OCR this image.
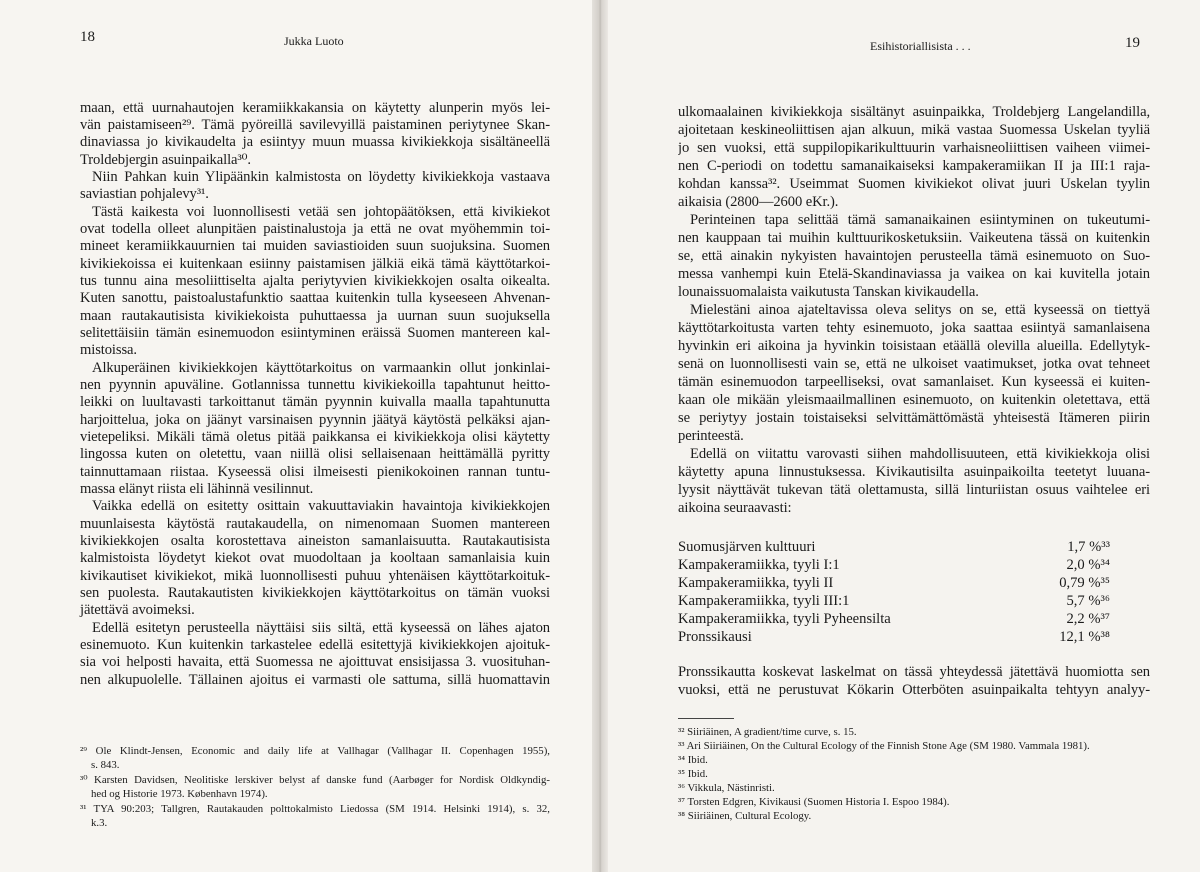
18	Jukka Luoto
maan, että uurnahautojen keramiikkakansia on käytetty alunperin myös lei-
vän paistamiseen²⁹. Tämä pyöreillä savilevyillä paistaminen periytynee Skan-
dinaviassa jo kivikaudelta ja esiintyy muun muassa kivikiekkoja sisältäneellä
Troldebjergin asuinpaikalla³⁰.
Niin Pahkan kuin Ylipäänkin kalmistosta on löydetty kivikiekkoja vastaava
saviastian pohjalevy³¹.
Tästä kaikesta voi luonnollisesti vetää sen johtopäätöksen, että kivikiekot
ovat todella olleet alunpitäen paistinalustoja ja että ne ovat myöhemmin toi-
mineet keramiikkauurnien tai muiden saviastioiden suun suojuksina. Suomen
kivikiekoissa ei kuitenkaan esiinny paistamisen jälkiä eikä tämä käyttötarkoi-
tus tunnu aina mesoliittiselta ajalta periytyvien kivikiekkojen osalta oikealta.
Kuten sanottu, paistoalustafunktio saattaa kuitenkin tulla kyseeseen Ahvenan-
maan rautakautisista kivikiekoista puhuttaessa ja uurnan suun suojuksella
selitettäisiin tämän esinemuodon esiintyminen eräissä Suomen mantereen kal-
mistoissa.
Alkuperäinen kivikiekkojen käyttötarkoitus on varmaankin ollut jonkinlai-
nen pyynnin apuväline. Gotlannissa tunnettu kivikiekoilla tapahtunut heitto-
leikki on luultavasti tarkoittanut tämän pyynnin kuivalla maalla tapahtunutta
harjoittelua, joka on jäänyt varsinaisen pyynnin jäätyä käytöstä pelkäksi ajan-
vietepeliksi. Mikäli tämä oletus pitää paikkansa ei kivikiekkoja olisi käytetty
lingossa kuten on oletettu, vaan niillä olisi sellaisenaan heittämällä pyritty
tainnuttamaan riistaa. Kyseessä olisi ilmeisesti pienikokoinen rannan tuntu-
massa elänyt riista eli lähinnä vesilinnut.
Vaikka edellä on esitetty osittain vakuuttaviakin havaintoja kivikiekkojen
muunlaisesta käytöstä rautakaudella, on nimenomaan Suomen mantereen
kivikiekkojen osalta korostettava aineiston samanlaisuutta. Rautakautisista
kalmistoista löydetyt kiekot ovat muodoltaan ja kooltaan samanlaisia kuin
kivikautiset kivikiekot, mikä luonnollisesti puhuu yhtenäisen käyttötarkoituk-
sen puolesta. Rautakautisten kivikiekkojen käyttötarkoitus on tämän vuoksi
jätettävä avoimeksi.
Edellä esitetyn perusteella näyttäisi siis siltä, että kyseessä on lähes ajaton
esinemuoto. Kun kuitenkin tarkastelee edellä esitettyjä kivikiekkojen ajoituk-
sia voi helposti havaita, että Suomessa ne ajoittuvat ensisijassa 3. vuosituhan-
nen alkupuolelle. Tällainen ajoitus ei varmasti ole sattuma, sillä huomattavin
²⁹ Ole Klindt-Jensen, Economic and daily life at Vallhagar (Vallhagar II. Copenhagen 1955),
s. 843.
³⁰ Karsten Davidsen, Neolitiske lerskiver belyst af danske fund (Aarbøger for Nordisk Oldkyndig-
hed og Historie 1973. København 1974).
³¹ TYA 90:203; Tallgren, Rautakauden polttokalmisto Liedossa (SM 1914. Helsinki 1914), s. 32,
k.3.
Esihistoriallisista . . .	19
ulkomaalainen kivikiekkoja sisältänyt asuinpaikka, Troldebjerg Langelandilla,
ajoitetaan keskineoliittisen ajan alkuun, mikä vastaa Suomessa Uskelan tyyliä
jo sen vuoksi, että suppilopikarikulttuurin varhaisneoliittisen vaiheen viimei-
nen C-periodi on todettu samanaikaiseksi kampakeramiikan II ja III:1 raja-
kohdan kanssa³². Useimmat Suomen kivikiekot olivat juuri Uskelan tyylin
aikaisia (2800—2600 eKr.).
Perinteinen tapa selittää tämä samanaikainen esiintyminen on tukeutumi-
nen kauppaan tai muihin kulttuurikosketuksiin. Vaikeutena tässä on kuitenkin
se, että ainakin nykyisten havaintojen perusteella tämä esinemuoto on Suo-
messa vanhempi kuin Etelä-Skandinaviassa ja vaikea on kai kuvitella jotain
lounaissuomalaista vaikutusta Tanskan kivikaudella.
Mielestäni ainoa ajateltavissa oleva selitys on se, että kyseessä on tiettyä
käyttötarkoitusta varten tehty esinemuoto, joka saattaa esiintyä samanlaisena
hyvinkin eri aikoina ja hyvinkin toisistaan etäällä olevilla alueilla. Edellytyk-
senä on luonnollisesti vain se, että ne ulkoiset vaatimukset, jotka ovat tehneet
tämän esinemuodon tarpeelliseksi, ovat samanlaiset. Kun kyseessä ei kuiten-
kaan ole mikään yleismaailmallinen esinemuoto, on kuitenkin oletettava, että
se periytyy jostain toistaiseksi selvittämättömästä yhteisestä Itämeren piirin
perinteestä.
Edellä on viitattu varovasti siihen mahdollisuuteen, että kivikiekkoja olisi
käytetty apuna linnustuksessa. Kivikautisilta asuinpaikoilta teetetyt luuana-
lyysit näyttävät tukevan tätä olettamusta, sillä linturiistan osuus vaihtelee eri
aikoina seuraavasti:
Suomusjärven kulttuuri	1,7 %³³
Kampakeramiikka, tyyli I:1	2,0 %³⁴
Kampakeramiikka, tyyli II	0,79 %³⁵
Kampakeramiikka, tyyli III:1	5,7 %³⁶
Kampakeramiikka, tyyli Pyheensilta	2,2 %³⁷
Pronssikausi	12,1 %³⁸
Pronssikautta koskevat laskelmat on tässä yhteydessä jätettävä huomiotta sen
vuoksi, että ne perustuvat Kökarin Otterböten asuinpaikalta tehtyyn analyy-
³² Siiriäinen, A gradient/time curve, s. 15.
³³ Ari Siiriäinen, On the Cultural Ecology of the Finnish Stone Age (SM 1980. Vammala 1981).
³⁴ Ibid.
³⁵ Ibid.
³⁶ Vikkula, Nästinristi.
³⁷ Torsten Edgren, Kivikausi (Suomen Historia I. Espoo 1984).
³⁸ Siiriäinen, Cultural Ecology.
